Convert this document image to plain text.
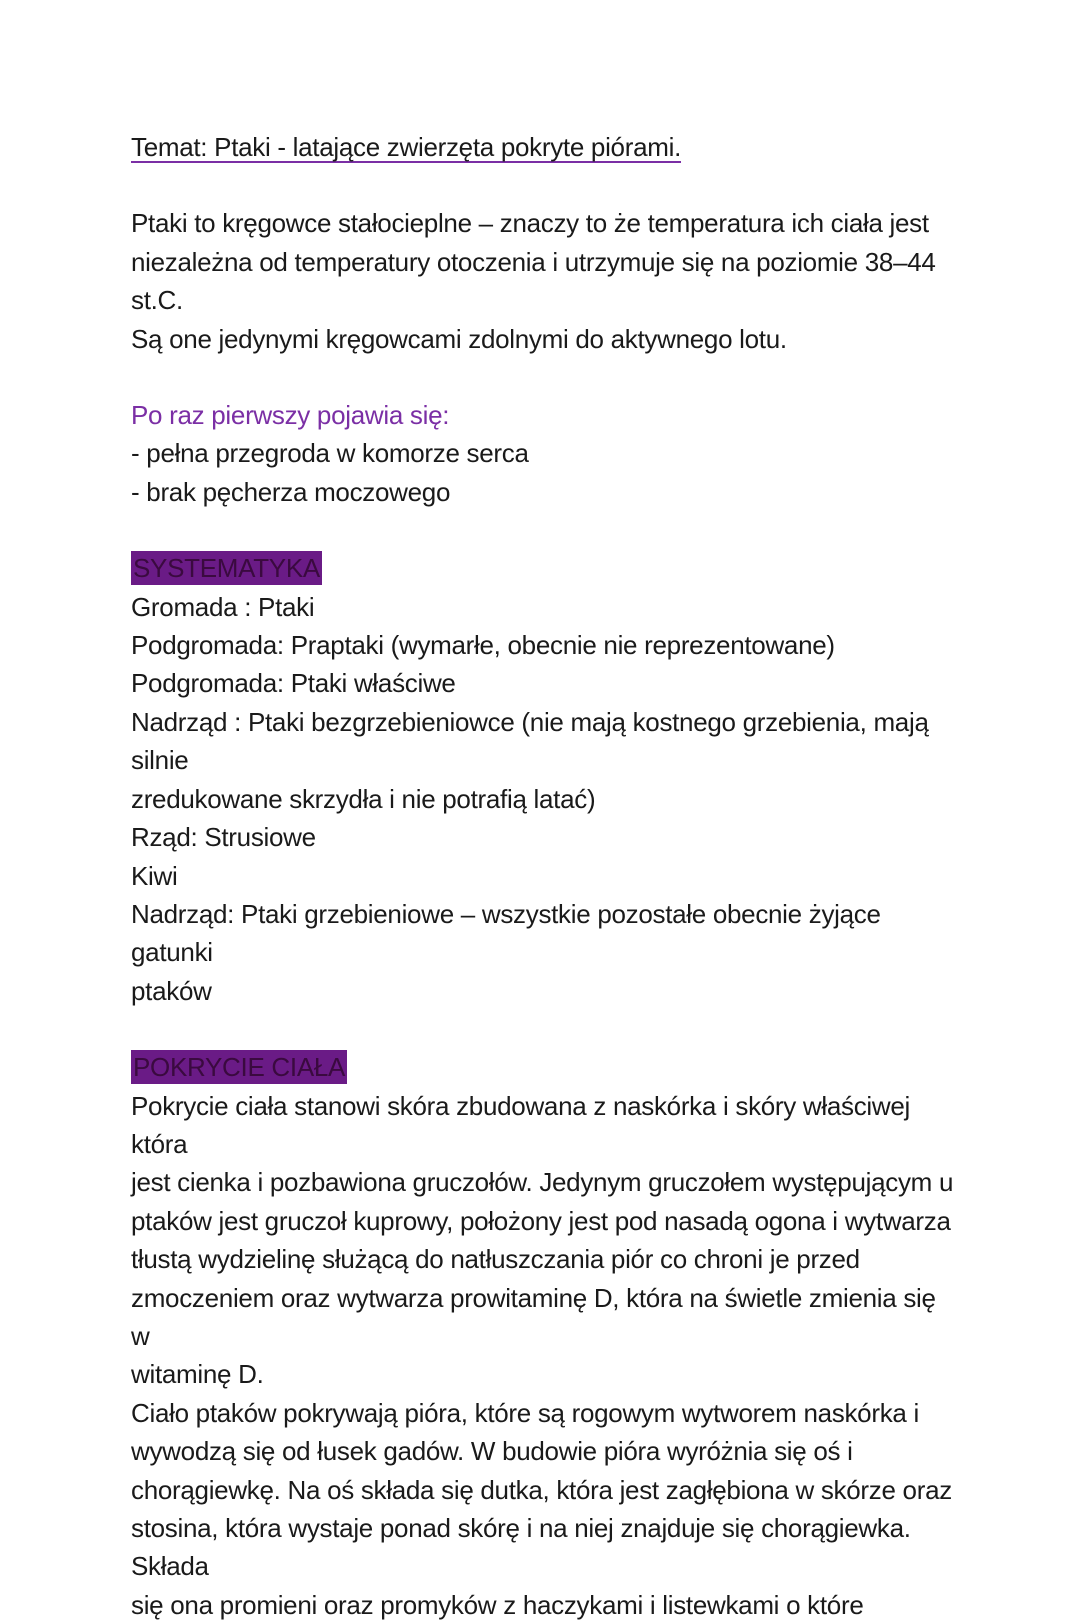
Temat: Ptaki - latające zwierzęta pokryte piórami.

Ptaki to kręgowce stałocieplne – znaczy to że temperatura ich ciała jest

niezależna od temperatury otoczenia i utrzymuje się na poziomie 38–44 st.C.

Są one jedynymi kręgowcami zdolnymi do aktywnego lotu.

Po raz pierwszy pojawia się:

- pełna przegroda w komorze serca

- brak pęcherza moczowego

SYSTEMATYKA

Gromada : Ptaki

Podgromada: Praptaki (wymarłe, obecnie nie reprezentowane)

Podgromada: Ptaki właściwe

Nadrząd : Ptaki bezgrzebieniowce (nie mają kostnego grzebienia, mają silnie

zredukowane skrzydła i nie potrafią latać)

Rząd: Strusiowe

Kiwi

Nadrząd: Ptaki grzebieniowe – wszystkie pozostałe obecnie żyjące gatunki

ptaków

POKRYCIE CIAŁA

Pokrycie ciała stanowi skóra zbudowana z naskórka i skóry właściwej która

jest cienka i pozbawiona gruczołów. Jedynym gruczołem występującym u

ptaków jest gruczoł kuprowy, położony jest pod nasadą ogona i wytwarza

tłustą wydzielinę służącą do natłuszczania piór co chroni je przed

zmoczeniem oraz wytwarza prowitaminę D, która na świetle zmienia się w

witaminę D.

Ciało ptaków pokrywają pióra, które są rogowym wytworem naskórka i

wywodzą się od łusek gadów. W budowie pióra wyróżnia się oś i

chorągiewkę. Na oś składa się dutka, która jest zagłębiona w skórze oraz

stosina, która wystaje ponad skórę i na niej znajduje się chorągiewka. Składa

się ona promieni oraz promyków z haczykami i listewkami o które
